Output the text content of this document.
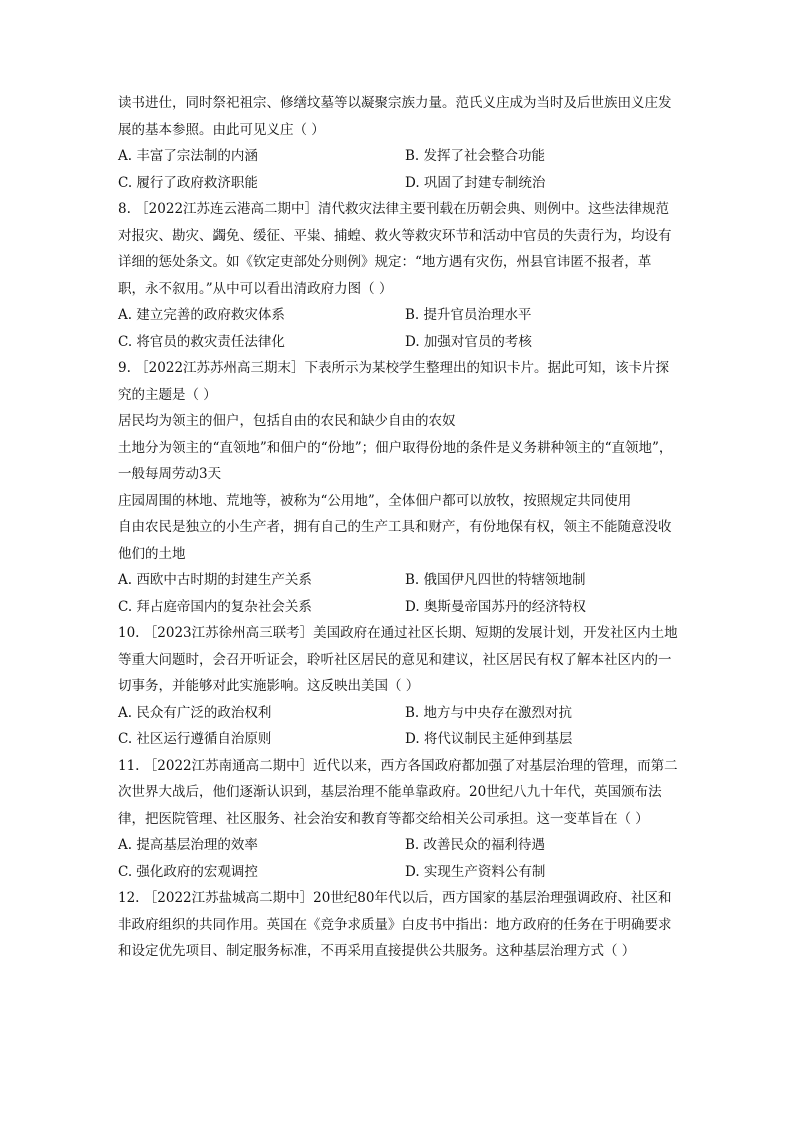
读书进仕，同时祭祀祖宗、修缮坟墓等以凝聚宗族力量。范氏义庄成为当时及后世族田义庄发展的基本参照。由此可见义庄（ ）

A. 丰富了宗法制的内涵	B. 发挥了社会整合功能
C. 履行了政府救济职能	D. 巩固了封建专制统治

8. ［2022江苏连云港高二期中］清代救灾法律主要刊载在历朝会典、则例中。这些法律规范对报灾、勘灾、蠲免、缓征、平粜、捕蝗、救火等救灾环节和活动中官员的失责行为，均设有详细的惩处条文。如《钦定吏部处分则例》规定：“地方遇有灾伤，州县官讳匿不报者，革职，永不叙用。”从中可以看出清政府力图（ ）

A. 建立完善的政府救灾体系	B. 提升官员治理水平
C. 将官员的救灾责任法律化	D. 加强对官员的考核

9. ［2022江苏苏州高三期末］下表所示为某校学生整理出的知识卡片。据此可知，该卡片探究的主题是（ ）

居民均为领主的佃户，包括自由的农民和缺少自由的农奴

土地分为领主的“直领地”和佃户的“份地”；佃户取得份地的条件是义务耕种领主的“直领地”，一般每周劳动3天

庄园周围的林地、荒地等，被称为“公用地”，全体佃户都可以放牧，按照规定共同使用

自由农民是独立的小生产者，拥有自己的生产工具和财产，有份地保有权，领主不能随意没收他们的土地

A. 西欧中古时期的封建生产关系	B. 俄国伊凡四世的特辖领地制
C. 拜占庭帝国内的复杂社会关系	D. 奥斯曼帝国苏丹的经济特权

10. ［2023江苏徐州高三联考］美国政府在通过社区长期、短期的发展计划，开发社区内土地等重大问题时，会召开听证会，聆听社区居民的意见和建议，社区居民有权了解本社区内的一切事务，并能够对此实施影响。这反映出美国（ ）

A. 民众有广泛的政治权利	B. 地方与中央存在激烈对抗
C. 社区运行遵循自治原则	D. 将代议制民主延伸到基层

11. ［2022江苏南通高二期中］近代以来，西方各国政府都加强了对基层治理的管理，而第二次世界大战后，他们逐渐认识到，基层治理不能单靠政府。20世纪八九十年代，英国颁布法律，把医院管理、社区服务、社会治安和教育等都交给相关公司承担。这一变革旨在（ ）

A. 提高基层治理的效率	B. 改善民众的福利待遇
C. 强化政府的宏观调控	D. 实现生产资料公有制

12. ［2022江苏盐城高二期中］20世纪80年代以后，西方国家的基层治理强调政府、社区和非政府组织的共同作用。英国在《竞争求质量》白皮书中指出：地方政府的任务在于明确要求和设定优先项目、制定服务标准，不再采用直接提供公共服务。这种基层治理方式（ ）
